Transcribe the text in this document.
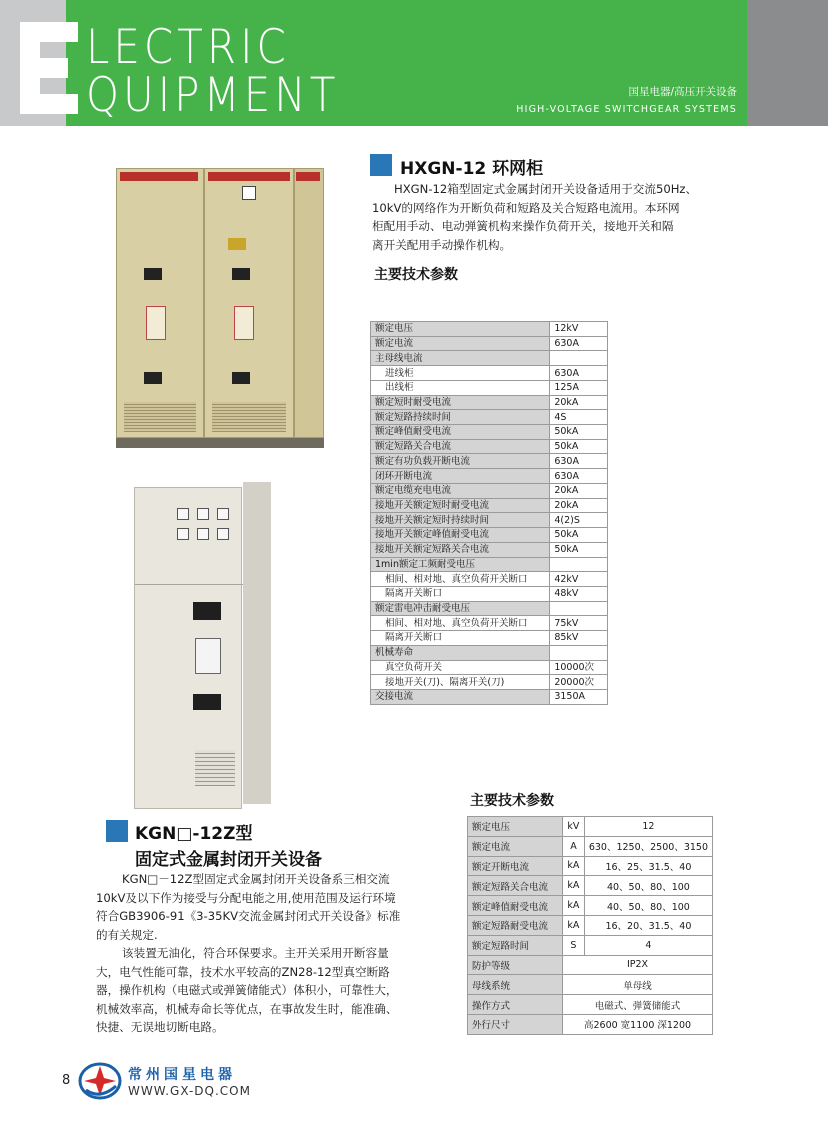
LECTRIC
QUIPMENT	国星电器/高压开关设备
HIGH-VOLTAGE SWITCHGEAR SYSTEMS
HXGN-12 环网柜
HXGN-12箱型固定式金属封闭开关设备适用于交流50Hz、
10kV的网络作为开断负荷和短路及关合短路电流用。本环网
柜配用手动、电动弹簧机构来操作负荷开关，接地开关和隔
离开关配用手动操作机构。
主要技术参数
额定电压	12kV
额定电流	630A
主母线电流	
进线柜	630A
出线柜	125A
额定短时耐受电流	20kA
额定短路持续时间	4S
额定峰值耐受电流	50kA
额定短路关合电流	50kA
额定有功负载开断电流	630A
闭环开断电流	630A
额定电缆充电电流	20kA
接地开关额定短时耐受电流	20kA
接地开关额定短时持续时间	4(2)S
接地开关额定峰值耐受电流	50kA
接地开关额定短路关合电流	50kA
1min额定工频耐受电压	
相间、相对地、真空负荷开关断口	42kV
隔离开关断口	48kV
额定雷电冲击耐受电压	
相间、相对地、真空负荷开关断口	75kV
隔离开关断口	85kV
机械寿命	
真空负荷开关	10000次
接地开关(刀)、隔离开关(刀)	20000次
交接电流	3150A
主要技术参数
额定电压	kV	12
额定电流	A	630、1250、2500、3150
额定开断电流	kA	16、25、31.5、40
额定短路关合电流	kA	40、50、80、100
额定峰值耐受电流	kA	40、50、80、100
额定短路耐受电流	kA	16、20、31.5、40
额定短路时间	S	4
防护等级	IP2X	
母线系统	单母线	
操作方式	电磁式、弹簧储能式	
外行尺寸	高2600 宽1100 深1200	
KGN□-12Z型
固定式金属封闭开关设备
KGN□－12Z型固定式金属封闭开关设备系三相交流
10kV及以下作为接受与分配电能之用,使用范围及运行环境
符合GB3906-91《3-35KV交流金属封闭式开关设备》标准
的有关规定.
该装置无油化，符合环保要求。主开关采用开断容量
大，电气性能可靠，技术水平较高的ZN28-12型真空断路
器，操作机构（电磁式或弹簧储能式）体积小，可靠性大，
机械效率高，机械寿命长等优点，在事故发生时，能准确、
快捷、无误地切断电路。
8	常州国星电器
WWW.GX-DQ.COM
